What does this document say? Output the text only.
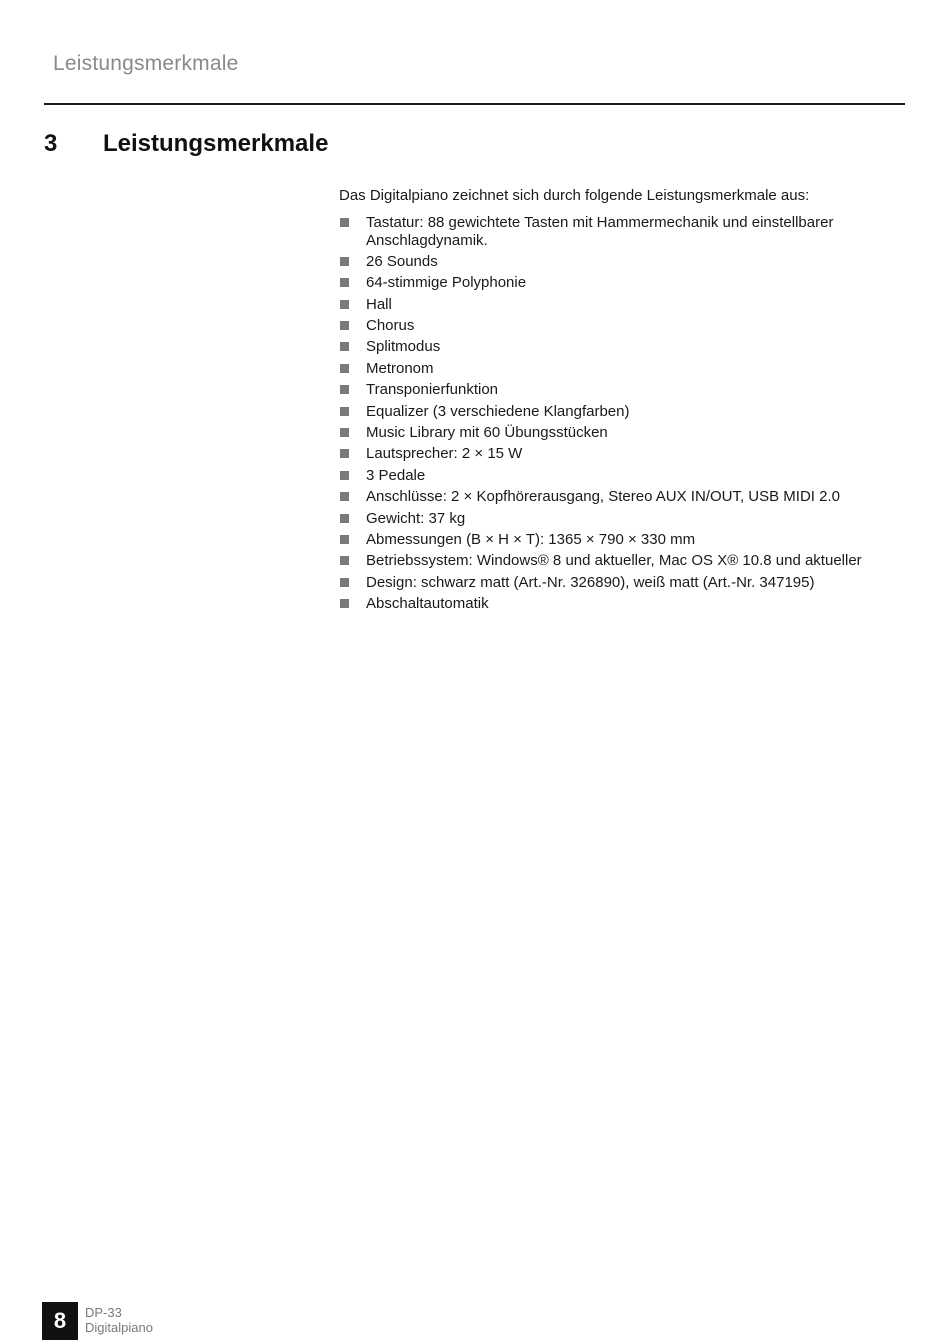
Leistungsmerkmale
3 Leistungsmerkmale
Das Digitalpiano zeichnet sich durch folgende Leistungsmerkmale aus:
Tastatur: 88 gewichtete Tasten mit Hammermechanik und einstellbarer Anschlagdynamik.
26 Sounds
64-stimmige Polyphonie
Hall
Chorus
Splitmodus
Metronom
Transponierfunktion
Equalizer (3 verschiedene Klangfarben)
Music Library mit 60 Übungsstücken
Lautsprecher: 2 × 15 W
3 Pedale
Anschlüsse: 2 × Kopfhörerausgang, Stereo AUX IN/OUT, USB MIDI 2.0
Gewicht: 37 kg
Abmessungen (B × H × T): 1365 × 790 × 330 mm
Betriebssystem: Windows® 8 und aktueller, Mac OS X® 10.8 und aktueller
Design: schwarz matt (Art.-Nr. 326890), weiß matt (Art.-Nr. 347195)
Abschaltautomatik
8	DP-33
Digitalpiano
